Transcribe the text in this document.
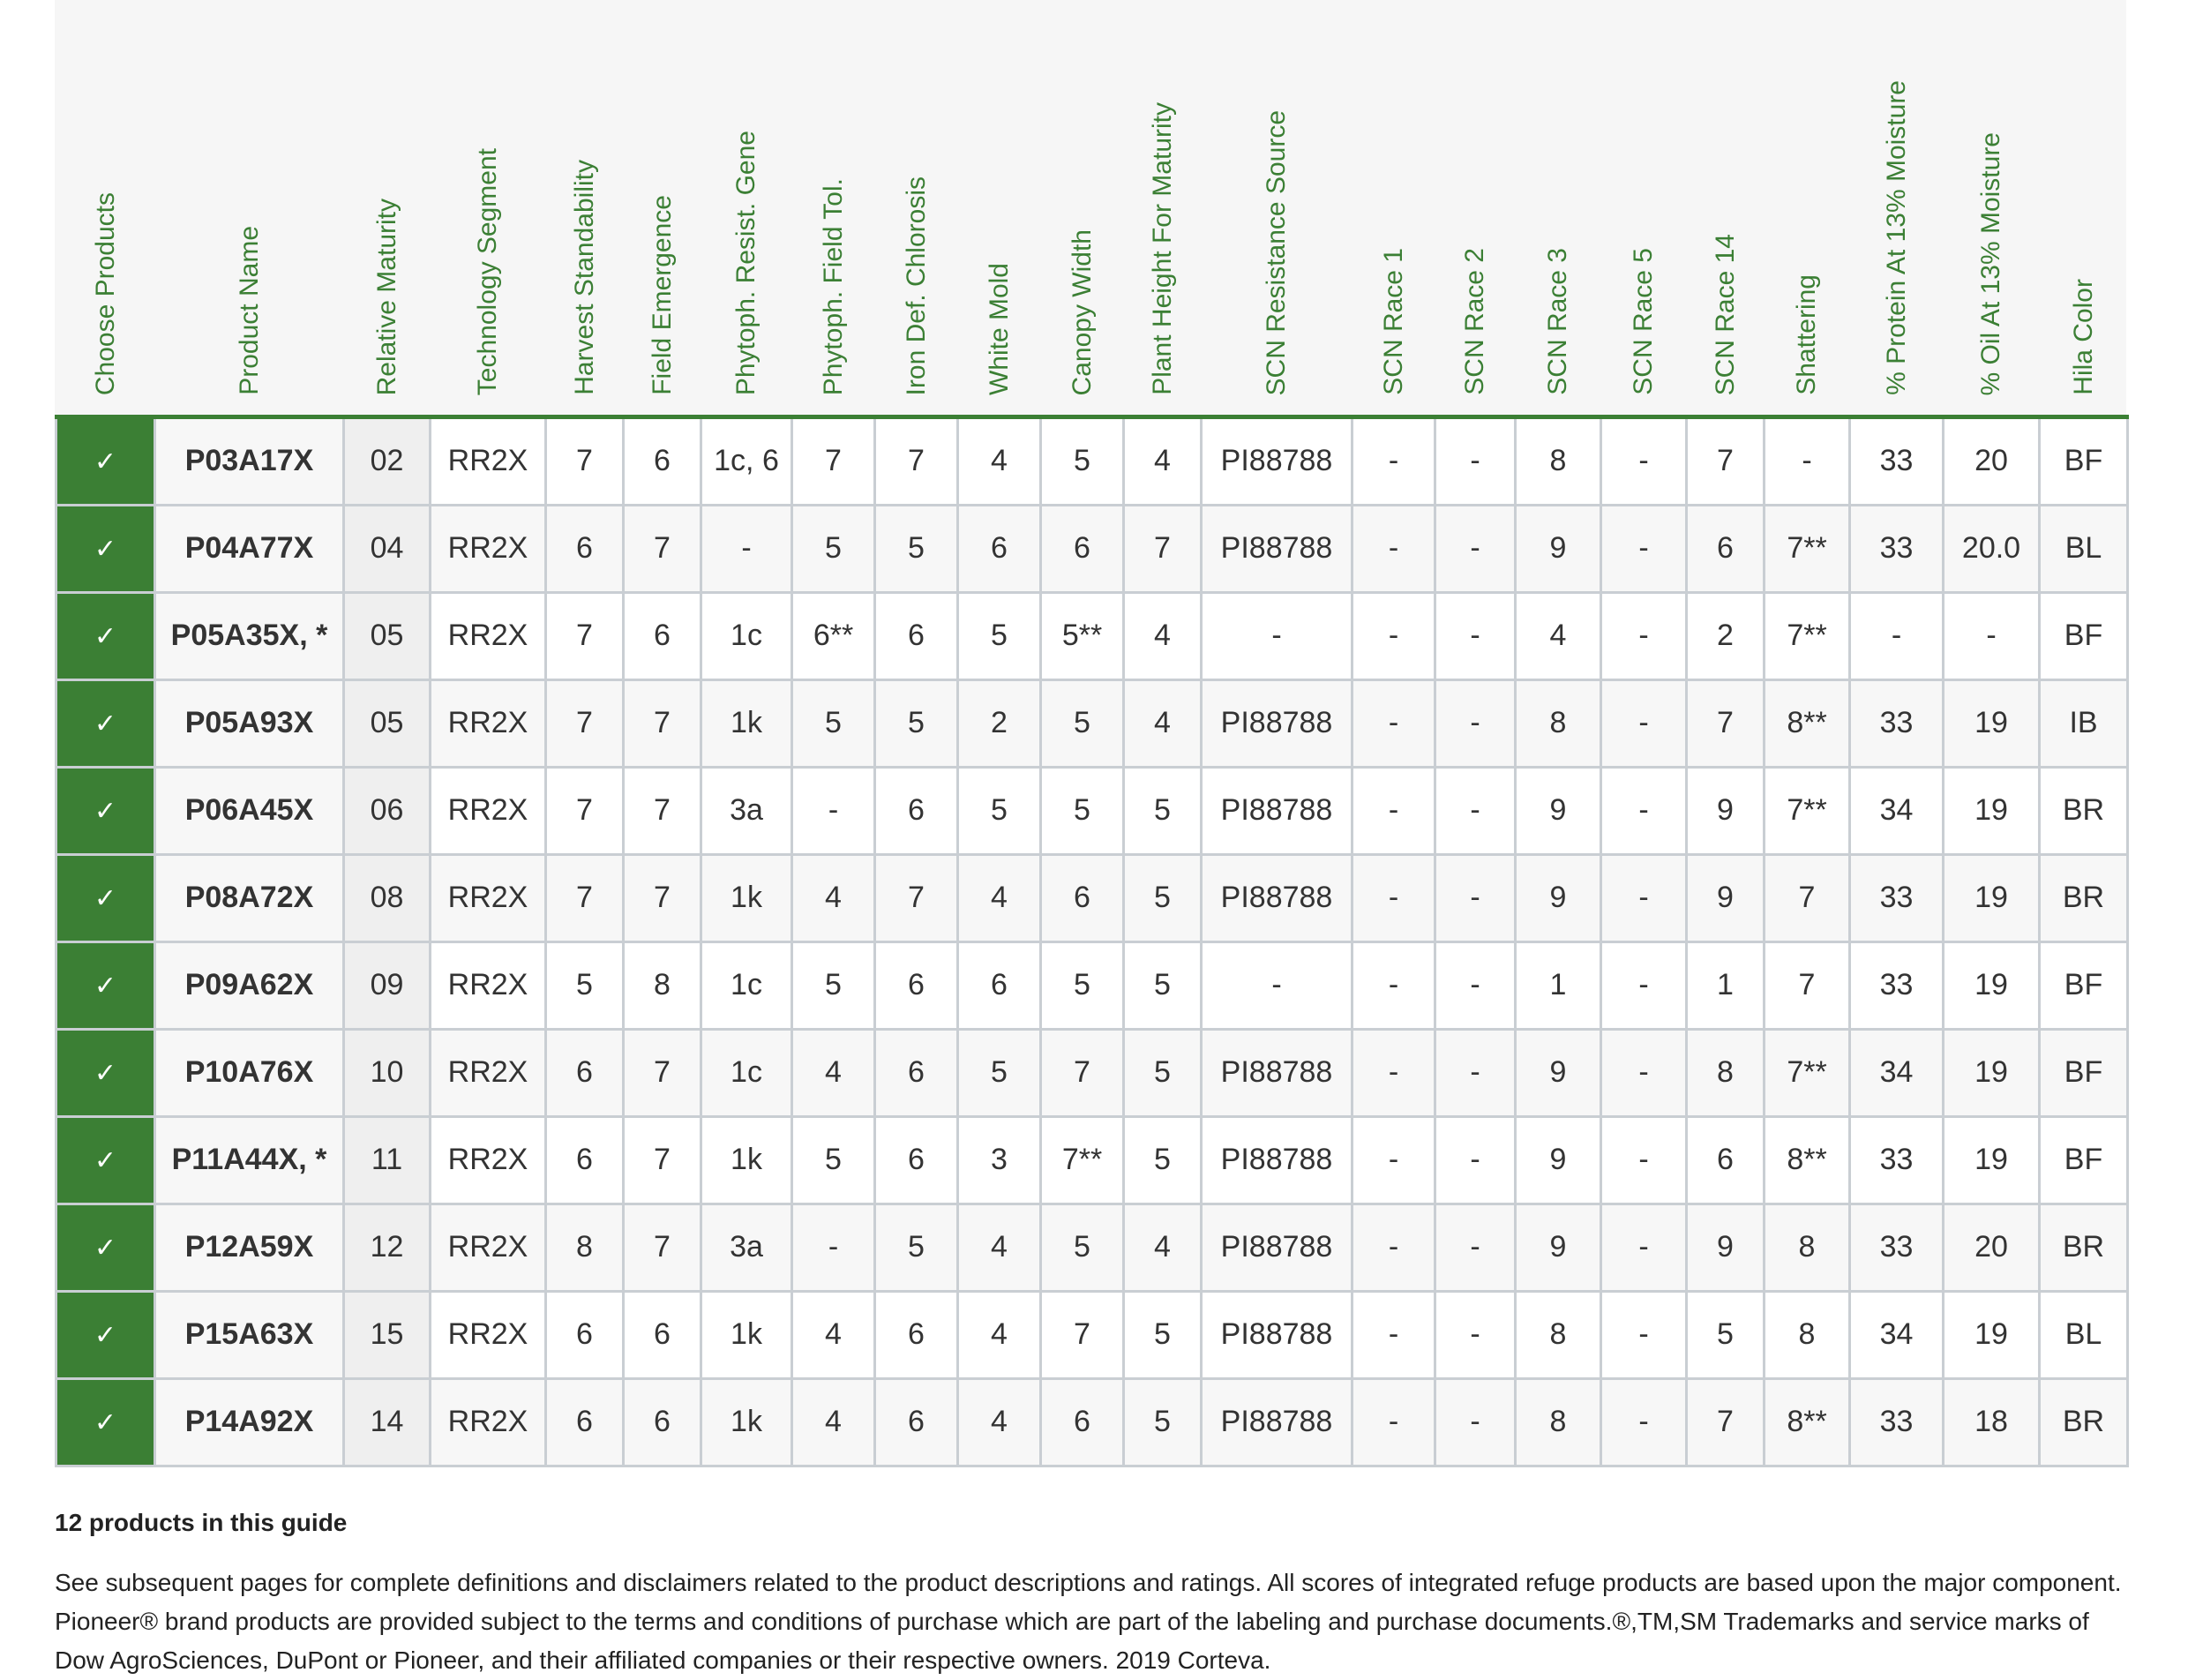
Choose Products	Product Name	Relative Maturity	Technology Segment	Harvest Standability	Field Emergence	Phytoph. Resist. Gene	Phytoph. Field Tol.	Iron Def. Chlorosis	White Mold	Canopy Width	Plant Height For Maturity	SCN Resistance Source	SCN Race 1	SCN Race 2	SCN Race 3	SCN Race 5	SCN Race 14	Shattering	% Protein At 13% Moisture	% Oil At 13% Moisture	Hila Color

✓	P03A17X	02	RR2X	7	6	1c, 6	7	7	4	5	4	PI88788	-	-	8	-	7	-	33	20	BF
✓	P04A77X	04	RR2X	6	7	-	5	5	6	6	7	PI88788	-	-	9	-	6	7**	33	20.0	BL
✓	P05A35X, *	05	RR2X	7	6	1c	6**	6	5	5**	4	-	-	-	4	-	2	7**	-	-	BF
✓	P05A93X	05	RR2X	7	7	1k	5	5	2	5	4	PI88788	-	-	8	-	7	8**	33	19	IB
✓	P06A45X	06	RR2X	7	7	3a	-	6	5	5	5	PI88788	-	-	9	-	9	7**	34	19	BR
✓	P08A72X	08	RR2X	7	7	1k	4	7	4	6	5	PI88788	-	-	9	-	9	7	33	19	BR
✓	P09A62X	09	RR2X	5	8	1c	5	6	6	5	5	-	-	-	1	-	1	7	33	19	BF
✓	P10A76X	10	RR2X	6	7	1c	4	6	5	7	5	PI88788	-	-	9	-	8	7**	34	19	BF
✓	P11A44X, *	11	RR2X	6	7	1k	5	6	3	7**	5	PI88788	-	-	9	-	6	8**	33	19	BF
✓	P12A59X	12	RR2X	8	7	3a	-	5	4	5	4	PI88788	-	-	9	-	9	8	33	20	BR
✓	P15A63X	15	RR2X	6	6	1k	4	6	4	7	5	PI88788	-	-	8	-	5	8	34	19	BL
✓	P14A92X	14	RR2X	6	6	1k	4	6	4	6	5	PI88788	-	-	8	-	7	8**	33	18	BR
12 products in this guide
See subsequent pages for complete definitions and disclaimers related to the product descriptions and ratings. All scores of integrated refuge products are based upon the major component. Pioneer® brand products are provided subject to the terms and conditions of purchase which are part of the labeling and purchase documents.®,TM,SM Trademarks and service marks of Dow AgroSciences, DuPont or Pioneer, and their affiliated companies or their respective owners. 2019 Corteva.
